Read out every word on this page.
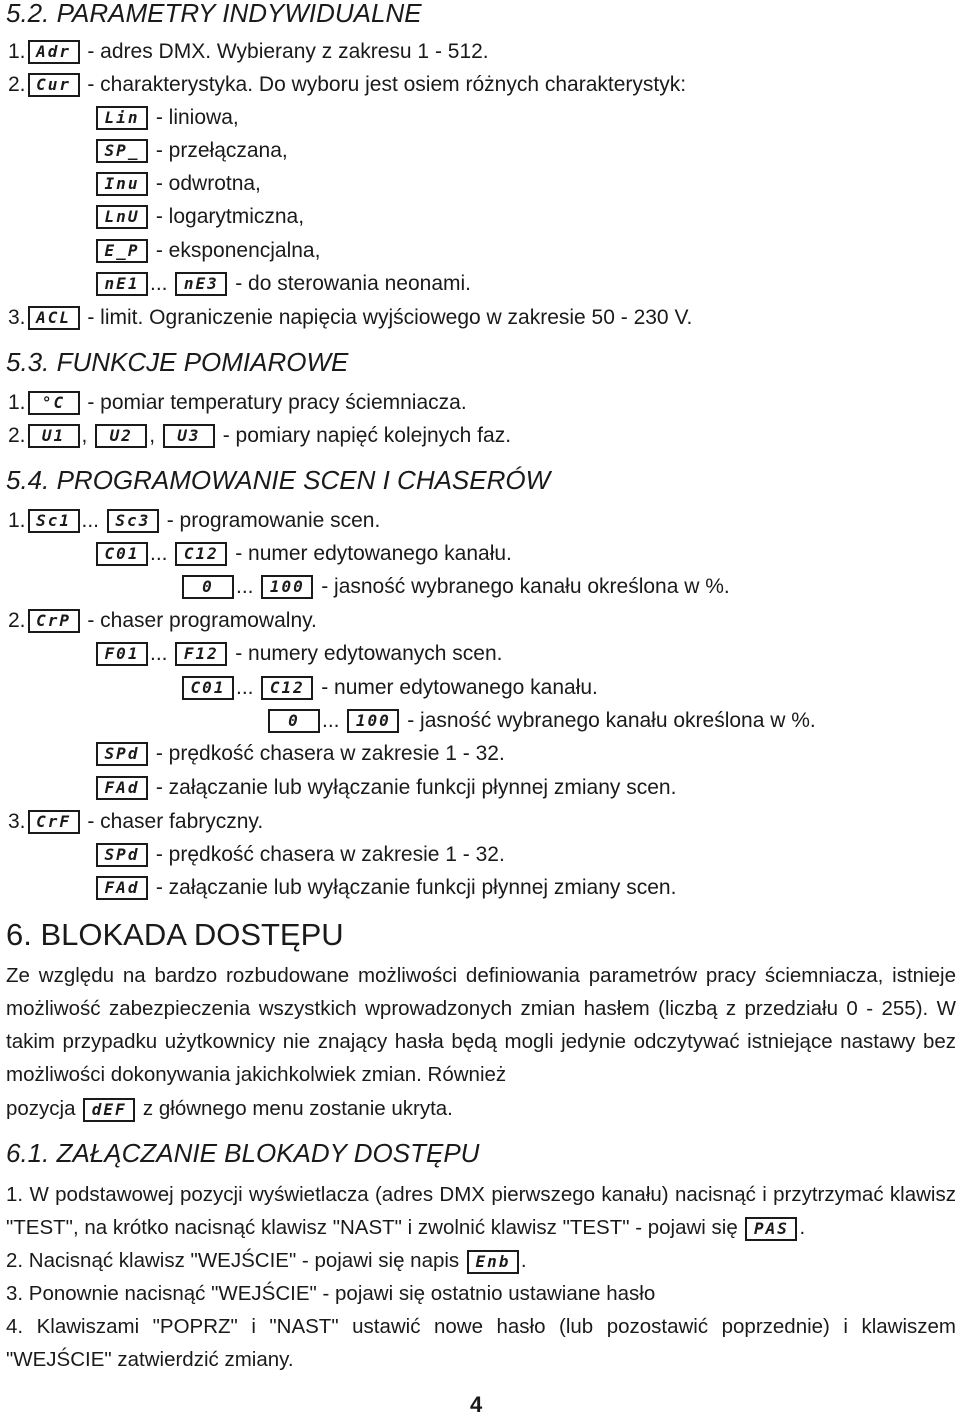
5.2. PARAMETRY INDYWIDUALNE
1. Adr - adres DMX. Wybierany z zakresu 1 - 512.
2. Cur - charakterystyka. Do wyboru jest osiem różnych charakterystyk:
Lin - liniowa,
SP_ - przełączana,
Inu - odwrotna,
LnU - logarytmiczna,
E_P - eksponencjalna,
nE1 ... nE3 - do sterowania neonami.
3. ACL - limit. Ograniczenie napięcia wyjściowego w zakresie 50 - 230 V.
5.3. FUNKCJE POMIAROWE
1. °C - pomiar temperatury pracy ściemniacza.
2. U1 , U2 , U3 - pomiary napięć kolejnych faz.
5.4. PROGRAMOWANIE SCEN I CHASERÓW
1. Sc1 ... Sc3 - programowanie scen.
C01 ... C12 - numer edytowanego kanału.
0 ... 100 - jasność wybranego kanału określona w %.
2. CrP - chaser programowalny.
F01 ... F12 - numery edytowanych scen.
C01 ... C12 - numer edytowanego kanału.
0 ... 100 - jasność wybranego kanału określona w %.
SPd - prędkość chasera w zakresie 1 - 32.
FAd - załączanie lub wyłączanie funkcji płynnej zmiany scen.
3. CrF - chaser fabryczny.
SPd - prędkość chasera w zakresie 1 - 32.
FAd - załączanie lub wyłączanie funkcji płynnej zmiany scen.
6. BLOKADA DOSTĘPU
Ze względu na bardzo rozbudowane możliwości definiowania parametrów pracy ściemniacza, istnieje możliwość zabezpieczenia wszystkich wprowadzonych zmian hasłem (liczbą z przedziału 0 - 255). W takim przypadku użytkownicy nie znający hasła będą mogli jedynie odczytywać istniejące nastawy bez możliwości dokonywania jakichkolwiek zmian. Również
pozycja dEF z głównego menu zostanie ukryta.
6.1. ZAŁĄCZANIE BLOKADY DOSTĘPU
1. W podstawowej pozycji wyświetlacza (adres DMX pierwszego kanału) nacisnąć i przytrzymać klawisz "TEST", na krótko nacisnąć klawisz "NAST" i zwolnić klawisz "TEST" - pojawi się PAS .
2. Nacisnąć klawisz "WEJŚCIE" - pojawi się napis Enb .
3. Ponownie nacisnąć "WEJŚCIE" - pojawi się ostatnio ustawiane hasło
4. Klawiszami "POPRZ" i "NAST" ustawić nowe hasło (lub pozostawić poprzednie) i klawiszem "WEJŚCIE" zatwierdzić zmiany.
4
